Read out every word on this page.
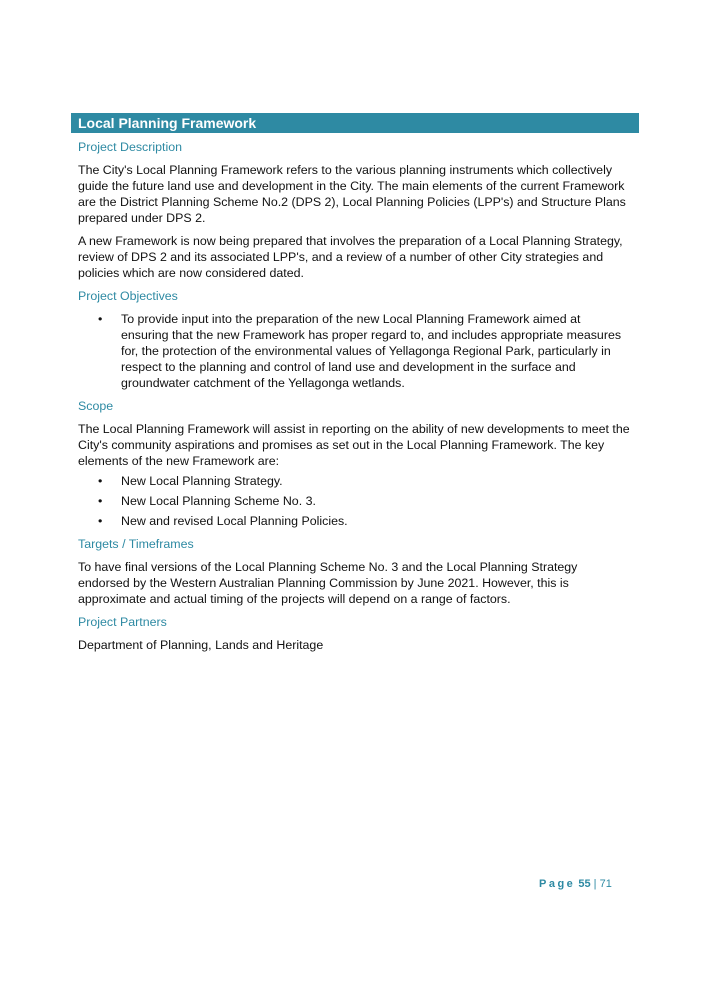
Local Planning Framework
Project Description

The City's Local Planning Framework refers to the various planning instruments which collectively guide the future land use and development in the City. The main elements of the current Framework are the District Planning Scheme No.2 (DPS 2), Local Planning Policies (LPP's) and Structure Plans prepared under DPS 2.

A new Framework is now being prepared that involves the preparation of a Local Planning Strategy, review of DPS 2 and its associated LPP's, and a review of a number of other City strategies and policies which are now considered dated.

Project Objectives
• To provide input into the preparation of the new Local Planning Framework aimed at ensuring that the new Framework has proper regard to, and includes appropriate measures for, the protection of the environmental values of Yellagonga Regional Park, particularly in respect to the planning and control of land use and development in the surface and groundwater catchment of the Yellagonga wetlands.
Scope

The Local Planning Framework will assist in reporting on the ability of new developments to meet the City's community aspirations and promises as set out in the Local Planning Framework. The key elements of the new Framework are:

• New Local Planning Strategy.
• New Local Planning Scheme No. 3.
• New and revised Local Planning Policies.
Targets / Timeframes

To have final versions of the Local Planning Scheme No. 3 and the Local Planning Strategy endorsed by the Western Australian Planning Commission by June 2021. However, this is approximate and actual timing of the projects will depend on a range of factors.

Project Partners

Department of Planning, Lands and Heritage

Page 55 | 71
